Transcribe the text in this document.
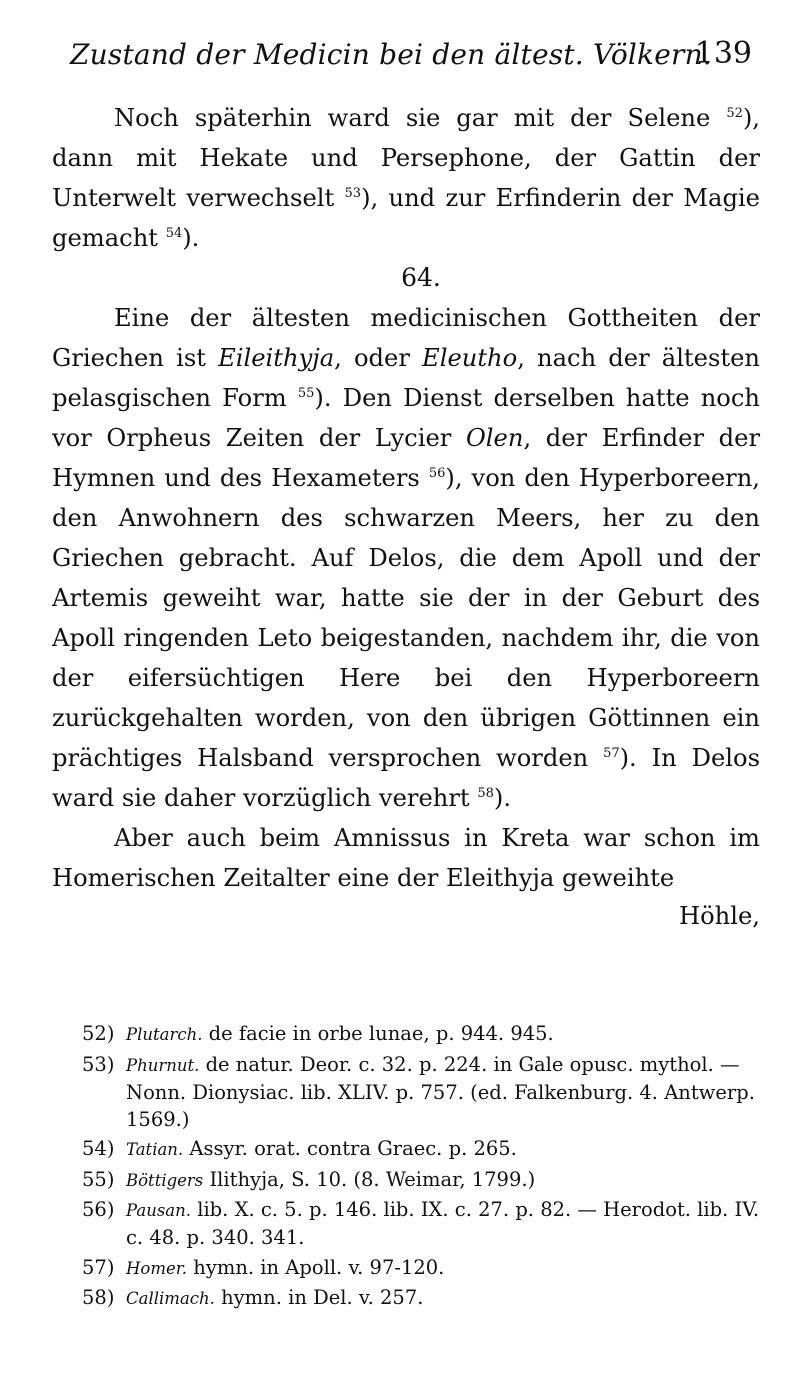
Zustand der Medicin bei den ältest. Völkern.
139

Noch späterhin ward sie gar mit der Selene $^{52}$), dann mit Hekate und Persephone, der Gattin der Unterwelt verwechselt $^{53}$), und zur Erfinderin der Magie gemacht $^{54}$).

64.

Eine der ältesten medicinischen Gottheiten der Griechen ist Eileithyja, oder Eleutho, nach der ältesten pelasgischen Form $^{55}$). Den Dienst derselben hatte noch vor Orpheus Zeiten der Lycier Olen, der Erfinder der Hymnen und des Hexameters $^{56}$), von den Hyperboreern, den Anwohnern des schwarzen Meers, her zu den Griechen gebracht. Auf Delos, die dem Apoll und der Artemis geweiht war, hatte sie der in der Geburt des Apoll ringenden Leto beigestanden, nachdem ihr, die von der eifersüchtigen Here bei den Hyperboreern zurückgehalten worden, von den übrigen Göttinnen ein prächtiges Halsband versprochen worden $^{57}$). In Delos ward sie daher vorzüglich verehrt $^{58}$).

Aber auch beim Amnissus in Kreta war schon im Homerischen Zeitalter eine der Eleithyja geweihte

Höhle,

52) Plutarch. de facie in orbe lunae, p. 944. 945.

53) Phurnut. de natur. Deor. c. 32. p. 224. in Gale opusc. mythol. — Nonn. Dionysiac. lib. XLIV. p. 757. (ed. Falkenburg. 4. Antwerp. 1569.)

54) Tatian. Assyr. orat. contra Graec. p. 265.

55) Böttigers Ilithyja, S. 10. (8. Weimar, 1799.)

56) Pausan. lib. X. c. 5. p. 146. lib. IX. c. 27. p. 82. — Herodot. lib. IV. c. 48. p. 340. 341.

57) Homer. hymn. in Apoll. v. 97-120.

58) Callimach. hymn. in Del. v. 257.
